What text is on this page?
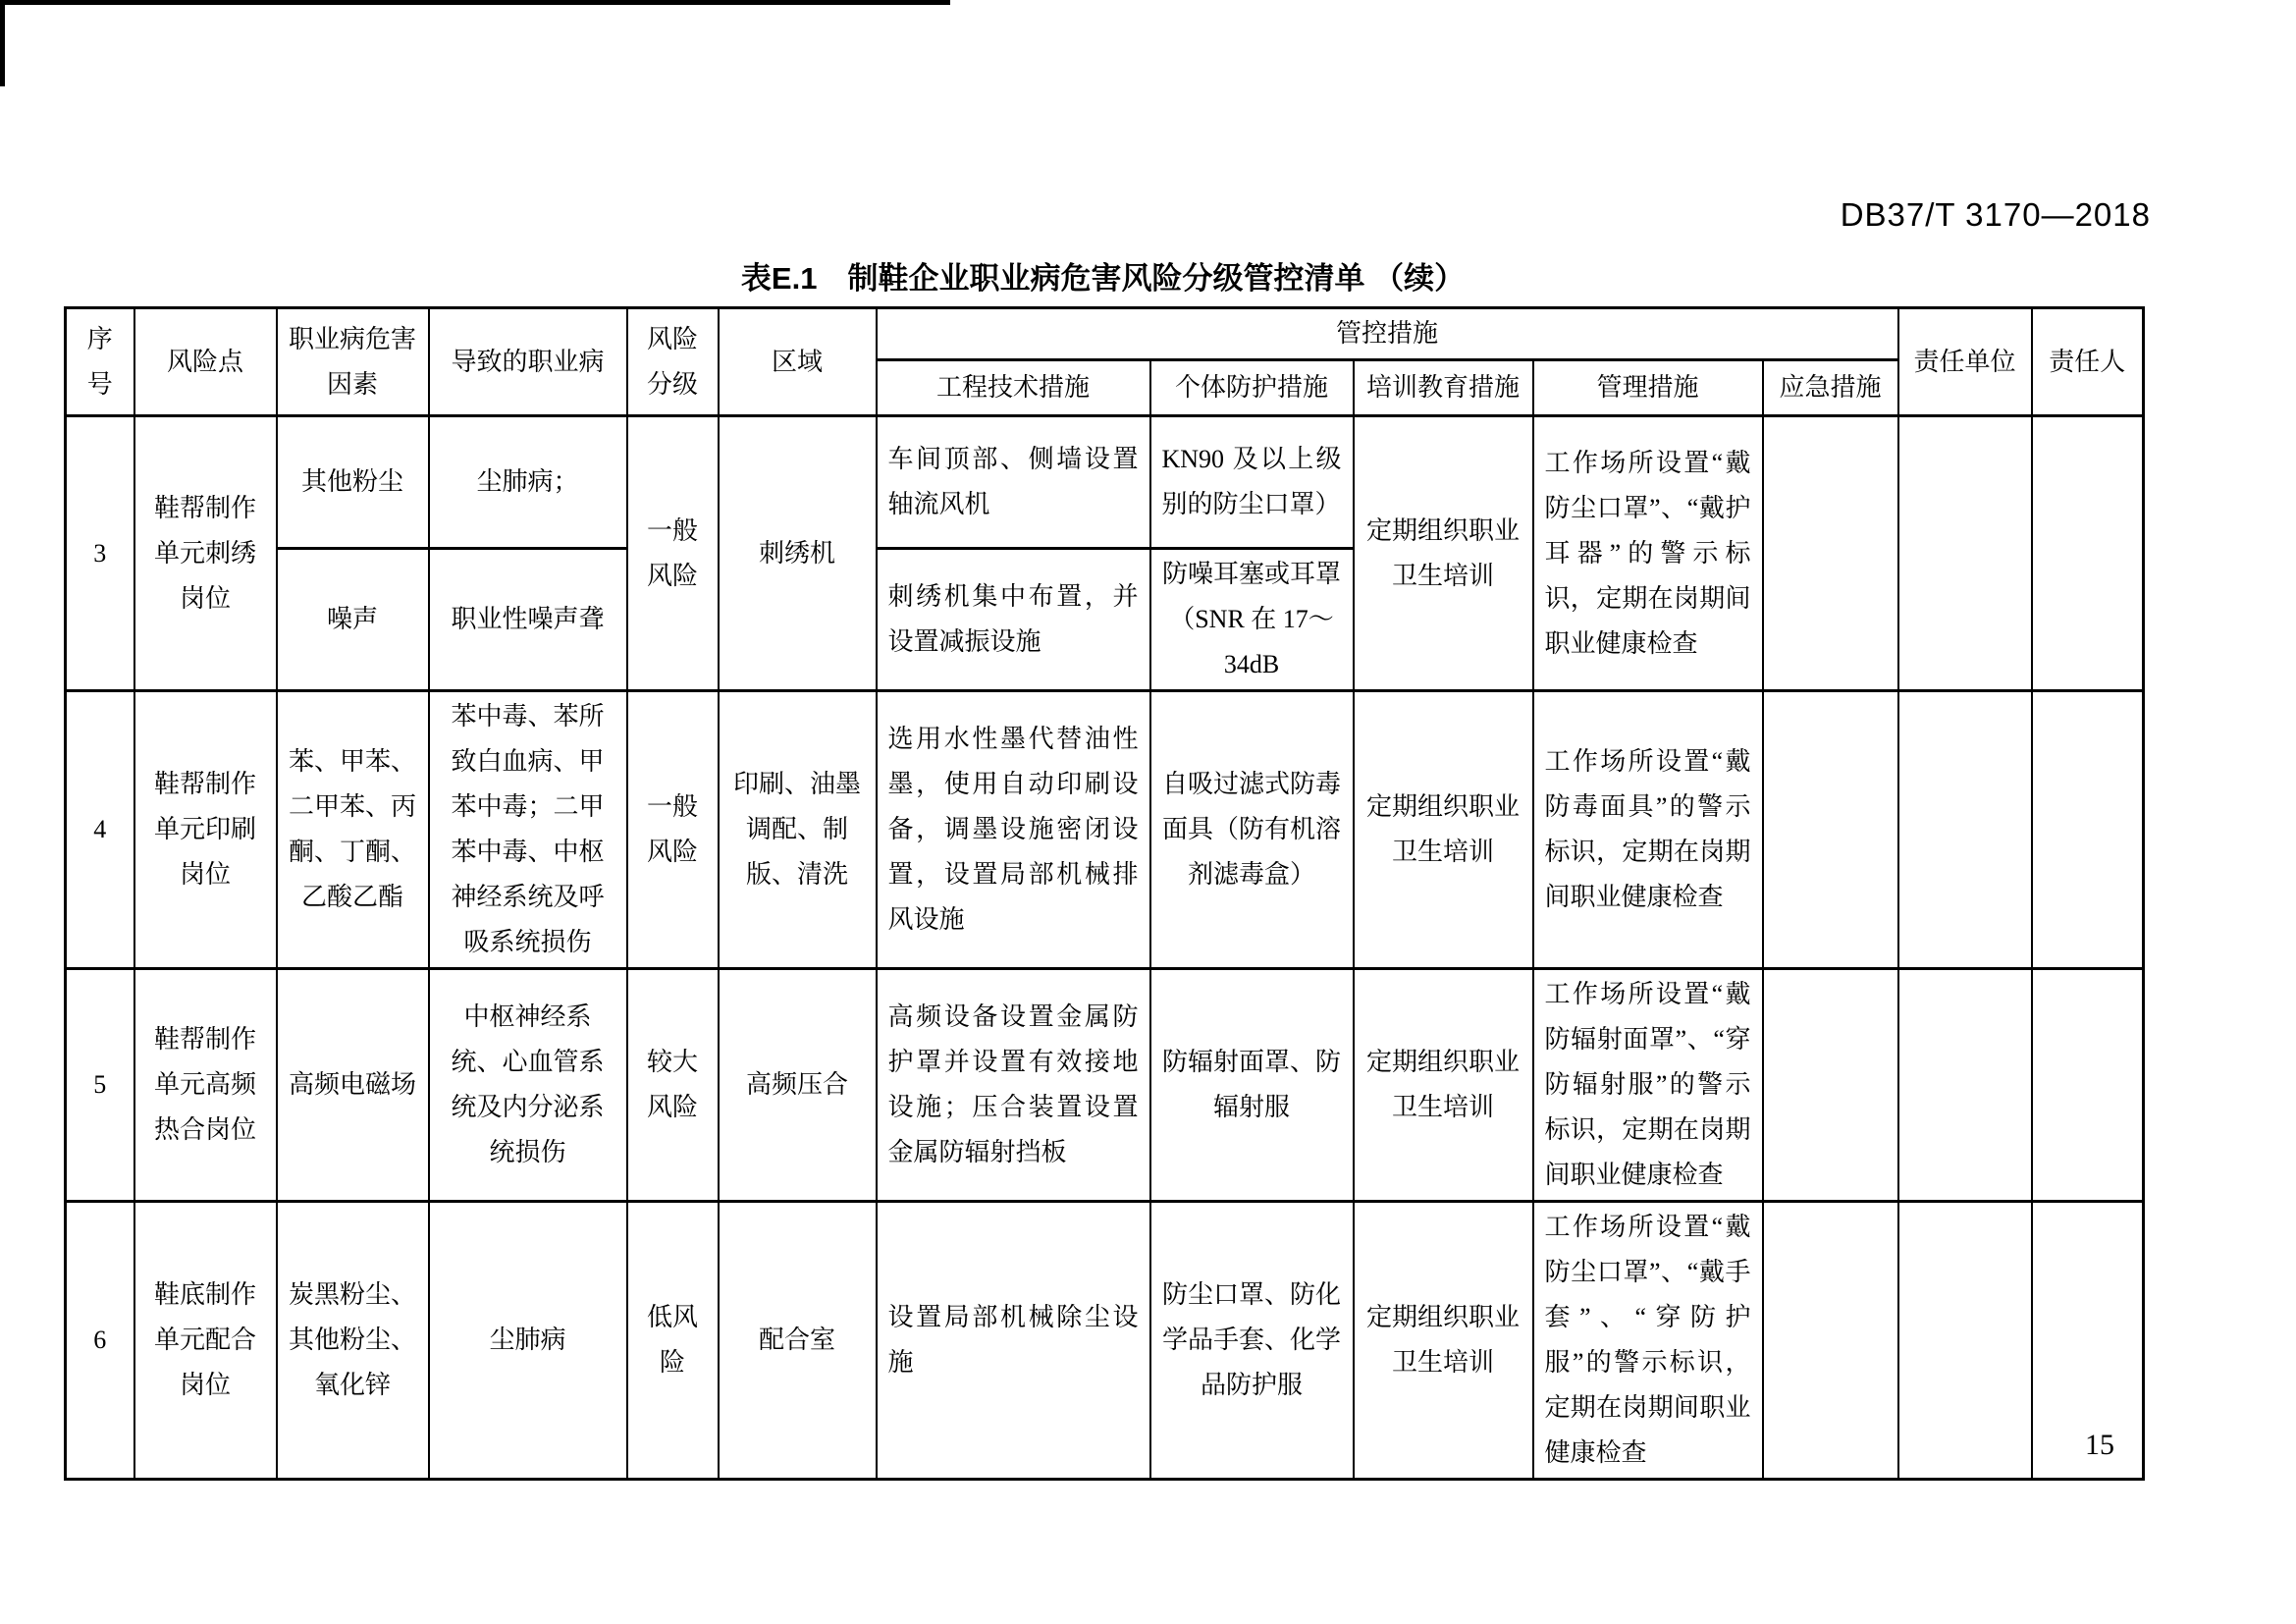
DB37/T 3170—2018
表E.1　制鞋企业职业病危害风险分级管控清单 （续）
序号	风险点	职业病危害因素	导致的职业病	风险分级	区域	管控措施					责任单位	责任人
						工程技术措施	个体防护措施	培训教育措施	管理措施	应急措施		
3	鞋帮制作单元刺绣岗位	其他粉尘	尘肺病；	一般风险	刺绣机	车间顶部、侧墙设置轴流风机	KN90 及以上级别的防尘口罩）	定期组织职业卫生培训	工作场所设置“戴防尘口罩”、“戴护耳器”的警示标识，定期在岗期间职业健康检查			
		噪声	职业性噪声聋			刺绣机集中布置，并设置减振设施	防噪耳塞或耳罩（SNR 在 17～34dB					
4	鞋帮制作单元印刷岗位	苯、甲苯、二甲苯、丙酮、丁酮、乙酸乙酯	苯中毒、苯所致白血病、甲苯中毒；二甲苯中毒、中枢神经系统及呼吸系统损伤	一般风险	印刷、油墨调配、制版、清洗	选用水性墨代替油性墨，使用自动印刷设备，调墨设施密闭设置，设置局部机械排风设施	自吸过滤式防毒面具（防有机溶剂滤毒盒）	定期组织职业卫生培训	工作场所设置“戴防毒面具”的警示标识，定期在岗期间职业健康检查			
5	鞋帮制作单元高频热合岗位	高频电磁场	中枢神经系统、心血管系统及内分泌系统损伤	较大风险	高频压合	高频设备设置金属防护罩并设置有效接地设施；压合装置设置金属防辐射挡板	防辐射面罩、防辐射服	定期组织职业卫生培训	工作场所设置“戴防辐射面罩”、“穿防辐射服”的警示标识，定期在岗期间职业健康检查			
6	鞋底制作单元配合岗位	炭黑粉尘、其他粉尘、氧化锌	尘肺病	低风险	配合室	设置局部机械除尘设施	防尘口罩、防化学品手套、化学品防护服	定期组织职业卫生培训	工作场所设置“戴防尘口罩”、“戴手套”、“穿防护服”的警示标识，定期在岗期间职业健康检查				15
